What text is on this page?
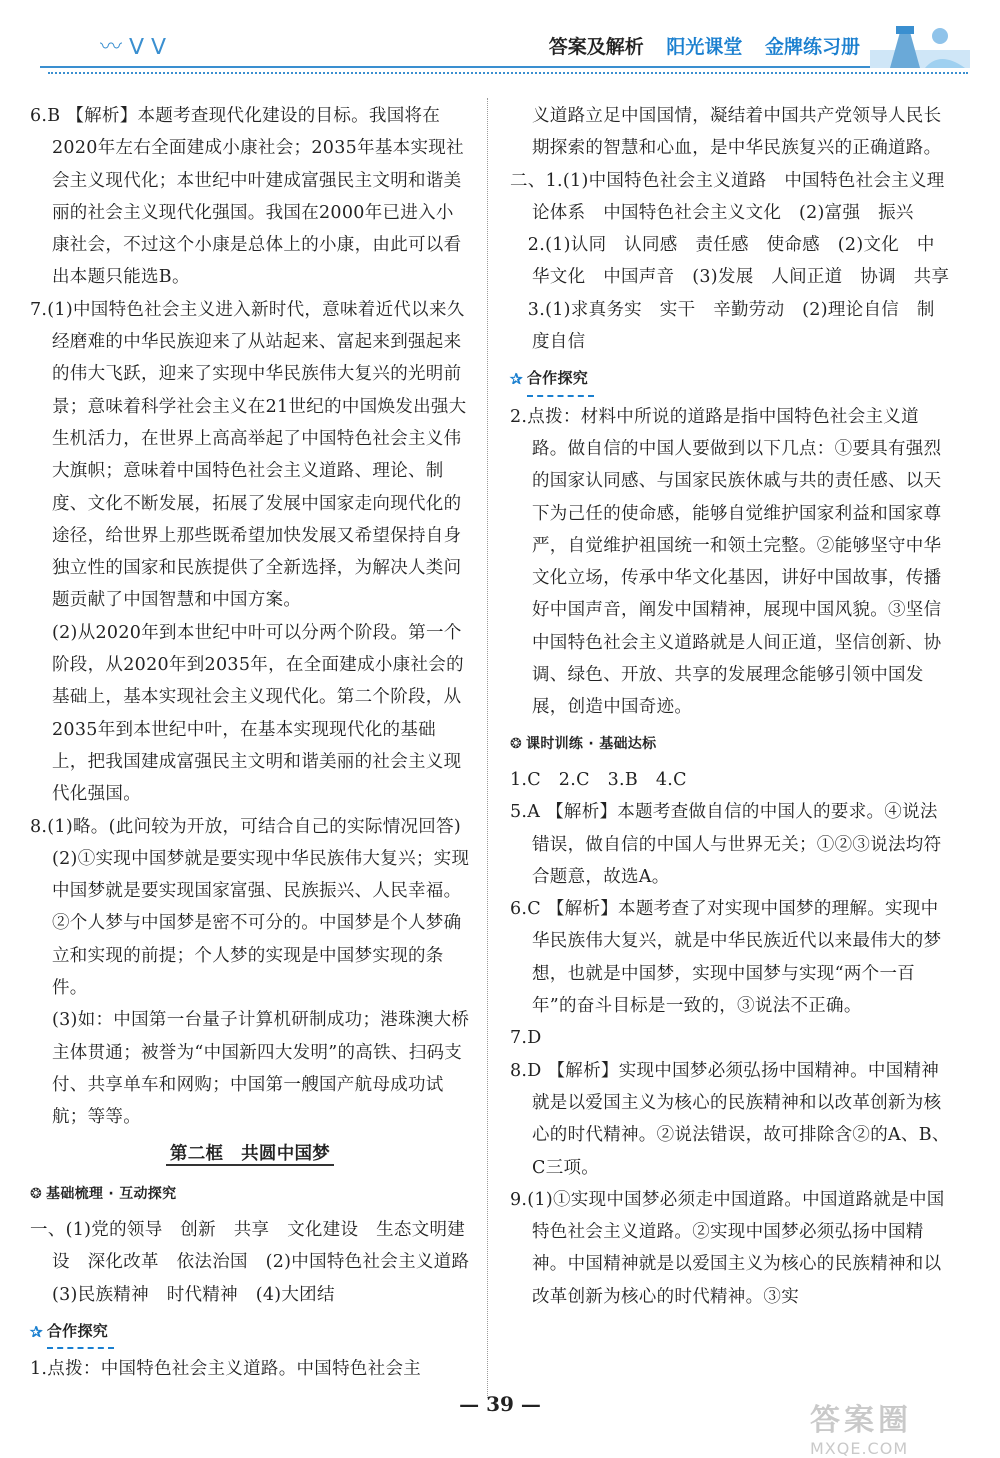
〰 ᐯ ᐯ	答案及解析 阳光课堂 金牌练习册

6.B 【解析】本题考查现代化建设的目标。我国将在2020年左右全面建成小康社会；2035年基本实现社会主义现代化；本世纪中叶建成富强民主文明和谐美丽的社会主义现代化强国。我国在2000年已进入小康社会，不过这个小康是总体上的小康，由此可以看出本题只能选B。

7.(1)中国特色社会主义进入新时代，意味着近代以来久经磨难的中华民族迎来了从站起来、富起来到强起来的伟大飞跃，迎来了实现中华民族伟大复兴的光明前景；意味着科学社会主义在21世纪的中国焕发出强大生机活力，在世界上高高举起了中国特色社会主义伟大旗帜；意味着中国特色社会主义道路、理论、制度、文化不断发展，拓展了发展中国家走向现代化的途径，给世界上那些既希望加快发展又希望保持自身独立性的国家和民族提供了全新选择，为解决人类问题贡献了中国智慧和中国方案。

(2)从2020年到本世纪中叶可以分两个阶段。第一个阶段，从2020年到2035年，在全面建成小康社会的基础上，基本实现社会主义现代化。第二个阶段，从2035年到本世纪中叶，在基本实现现代化的基础上，把我国建成富强民主文明和谐美丽的社会主义现代化强国。

8.(1)略。(此问较为开放，可结合自己的实际情况回答)

(2)①实现中国梦就是要实现中华民族伟大复兴；实现中国梦就是要实现国家富强、民族振兴、人民幸福。②个人梦与中国梦是密不可分的。中国梦是个人梦确立和实现的前提；个人梦的实现是中国梦实现的条件。

(3)如：中国第一台量子计算机研制成功；港珠澳大桥主体贯通；被誉为“中国新四大发明”的高铁、扫码支付、共享单车和网购；中国第一艘国产航母成功试航；等等。

第二框　共圆中国梦
❂ 基础梳理 · 互动探究

一、(1)党的领导　创新　共享　文化建设　生态文明建设　深化改革　依法治国　(2)中国特色社会主义道路　(3)民族精神　时代精神　(4)大团结

✰ 合作探究

1.点拨：中国特色社会主义道路。中国特色社会主

义道路立足中国国情，凝结着中国共产党领导人民长期探索的智慧和心血，是中华民族复兴的正确道路。

二、1.(1)中国特色社会主义道路　中国特色社会主义理论体系　中国特色社会主义文化　(2)富强　振兴

　2.(1)认同　认同感　责任感　使命感　(2)文化　中华文化　中国声音　(3)发展　人间正道　协调　共享

　3.(1)求真务实　实干　辛勤劳动　(2)理论自信　制度自信

✰ 合作探究

2.点拨：材料中所说的道路是指中国特色社会主义道路。做自信的中国人要做到以下几点：①要具有强烈的国家认同感、与国家民族休戚与共的责任感、以天下为己任的使命感，能够自觉维护国家利益和国家尊严，自觉维护祖国统一和领土完整。②能够坚守中华文化立场，传承中华文化基因，讲好中国故事，传播好中国声音，阐发中国精神，展现中国风貌。③坚信中国特色社会主义道路就是人间正道，坚信创新、协调、绿色、开放、共享的发展理念能够引领中国发展，创造中国奇迹。

❂ 课时训练 · 基础达标

1.C　2.C　3.B　4.C

5.A 【解析】本题考查做自信的中国人的要求。④说法错误，做自信的中国人与世界无关；①②③说法均符合题意，故选A。

6.C 【解析】本题考查了对实现中国梦的理解。实现中华民族伟大复兴，就是中华民族近代以来最伟大的梦想，也就是中国梦，实现中国梦与实现“两个一百年”的奋斗目标是一致的，③说法不正确。

7.D

8.D 【解析】实现中国梦必须弘扬中国精神。中国精神就是以爱国主义为核心的民族精神和以改革创新为核心的时代精神。②说法错误，故可排除含②的A、B、C三项。

9.(1)①实现中国梦必须走中国道路。中国道路就是中国特色社会主义道路。②实现中国梦必须弘扬中国精神。中国精神就是以爱国主义为核心的民族精神和以改革创新为核心的时代精神。③实

— 39 —	答案圈
MXQE.COM
